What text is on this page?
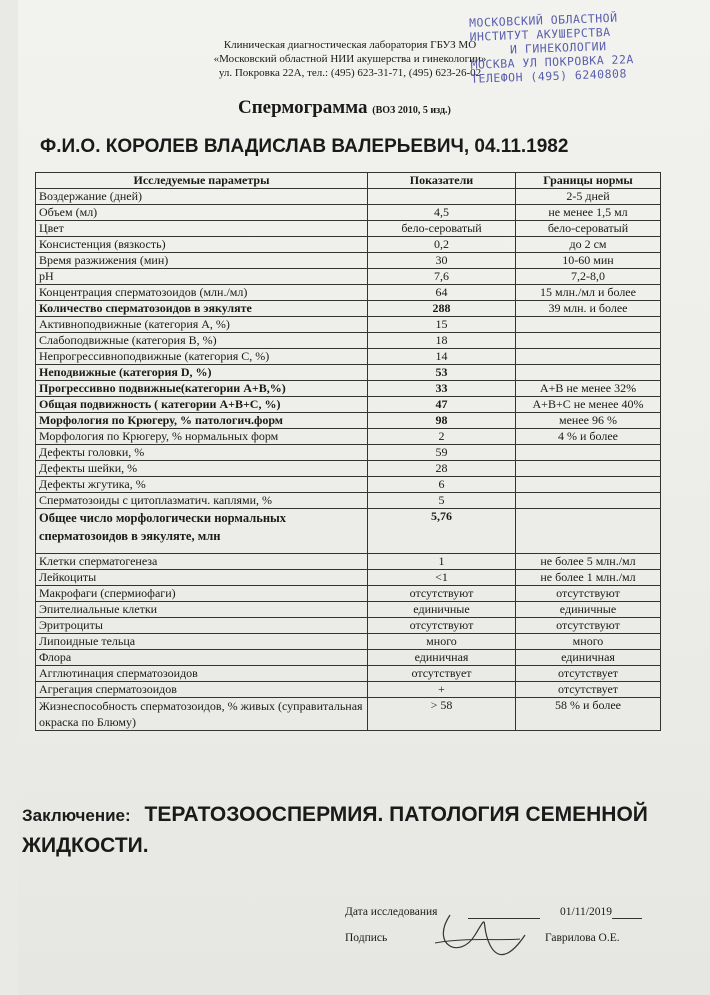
Клиническая диагностическая лаборатория ГБУЗ МО
«Московский областной НИИ акушерства и гинекологии»
ул. Покровка 22А, тел.: (495) 623-31-71, (495) 623-26-02
МОСКОВСКИЙ ОБЛАСТНОЙ
ИНСТИТУТ АКУШЕРСТВА
И ГИНЕКОЛОГИИ
МОСКВА УЛ ПОКРОВКА 22А
ТЕЛЕФОН (495) 6240808
Спермограмма (ВОЗ 2010, 5 изд.)
Ф.И.О. КОРОЛЕВ ВЛАДИСЛАВ ВАЛЕРЬЕВИЧ, 04.11.1982
Исследуемые параметры	Показатели	Границы нормы
Воздержание (дней)		2-5 дней
Объем (мл)	4,5	не менее 1,5 мл
Цвет	бело-сероватый	бело-сероватый
Консистенция (вязкость)	0,2	до 2 см
Время разжижения (мин)	30	10-60 мин
pH	7,6	7,2-8,0
Концентрация сперматозоидов (млн./мл)	64	15 млн./мл и более
Количество сперматозоидов в эякуляте	288	39 млн. и более
Активноподвижные (категория А, %)	15	
Слабоподвижные (категория В, %)	18	
Непрогрессивноподвижные (категория С, %)	14	
Неподвижные (категория D, %)	53	
Прогрессивно подвижные(категории А+В,%)	33	А+В не менее 32%
Общая подвижность ( категории А+В+С, %)	47	А+В+С не менее 40%
Морфология по Крюгеру, % патологич.форм	98	менее 96 %
Морфология по Крюгеру, % нормальных форм	2	4 % и более
Дефекты головки, %	59	
Дефекты шейки, %	28	
Дефекты жгутика, %	6	
Сперматозоиды с цитоплазматич. каплями, %	5	
Общее число морфологически нормальных сперматозоидов в эякуляте, млн	5,76	
Клетки сперматогенеза	1	не более 5 млн./мл
Лейкоциты	<1	не более 1 млн./мл
Макрофаги (спермиофаги)	отсутствуют	отсутствуют
Эпителиальные клетки	единичные	единичные
Эритроциты	отсутствуют	отсутствуют
Липоидные тельца	много	много
Флора	единичная	единичная
Агглютинация сперматозоидов	отсутствует	отсутствует
Агрегация сперматозоидов	+	отсутствует
Жизнеспособность сперматозоидов, % живых (суправитальная окраска по Блюму)	> 58	58 % и более
Заключение: ТЕРАТОЗООСПЕРМИЯ. ПАТОЛОГИЯ СЕМЕННОЙ ЖИДКОСТИ.
Дата исследования	01/11/2019
Подпись	Гаврилова О.Е.
